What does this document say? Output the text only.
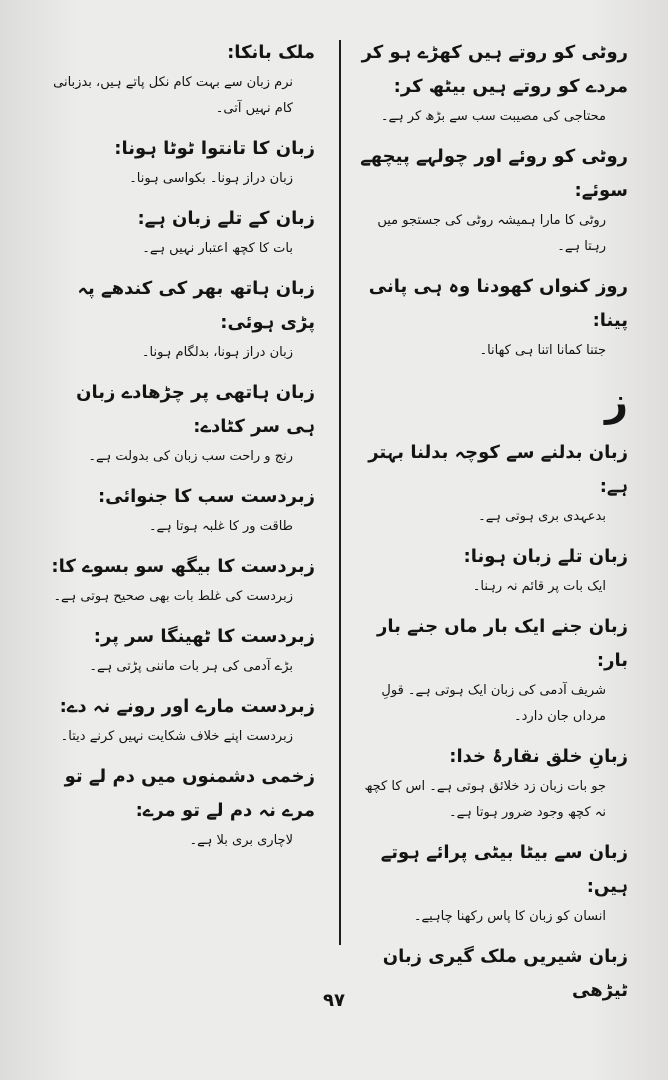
روٹی کو روتے ہیں کھڑے ہو کر مردے کو روتے ہیں بیٹھ کر:
محتاجی کی مصیبت سب سے بڑھ کر ہے۔
روٹی کو روئے اور چولہے پیچھے سوئے:
روٹی کا مارا ہمیشہ روٹی کی جستجو میں رہتا ہے۔
روز کنواں کھودنا وہ ہی پانی پینا:
جتنا کمانا اتنا ہی کھانا۔
ز
زبان بدلنے سے کوچہ بدلنا بہتر ہے:
بدعہدی بری ہوتی ہے۔
زبان تلے زبان ہونا:
ایک بات پر قائم نہ رہنا۔
زبان جنے ایک بار ماں جنے بار بار:
شریف آدمی کی زبان ایک ہوتی ہے۔ قولِ مرداں جان دارد۔
زبانِ خلق نقارۂ خدا:
جو بات زبان زد خلائق ہوتی ہے۔ اس کا کچھ نہ کچھ وجود ضرور ہوتا ہے۔
زبان سے بیٹا بیٹی پرائے ہوتے ہیں:
انسان کو زبان کا پاس رکھنا چاہیے۔
زبان شیریں ملک گیری زبان ٹیڑھی
ملک بانکا:
نرم زبان سے بہت کام نکل پاتے ہیں، بدزبانی کام نہیں آتی۔
زبان کا تانتوا ٹوٹا ہونا:
زبان دراز ہونا۔ بکواسی ہونا۔
زبان کے تلے زبان ہے:
بات کا کچھ اعتبار نہیں ہے۔
زبان ہاتھ بھر کی کندھے پہ پڑی ہوئی:
زبان دراز ہونا، بدلگام ہونا۔
زبان ہاتھی پر چڑھادے زبان ہی سر کٹادے:
رنج و راحت سب زبان کی بدولت ہے۔
زبردست سب کا جنوائی:
طاقت ور کا غلبہ ہوتا ہے۔
زبردست کا بیگھ سو بسوے کا:
زبردست کی غلط بات بھی صحیح ہوتی ہے۔
زبردست کا ٹھینگا سر پر:
بڑے آدمی کی ہر بات ماننی پڑتی ہے۔
زبردست مارے اور رونے نہ دے:
زبردست اپنے خلاف شکایت نہیں کرنے دیتا۔
زخمی دشمنوں میں دم لے تو مرے نہ دم لے تو مرے:
لاچاری بری بلا ہے۔
۹۷
